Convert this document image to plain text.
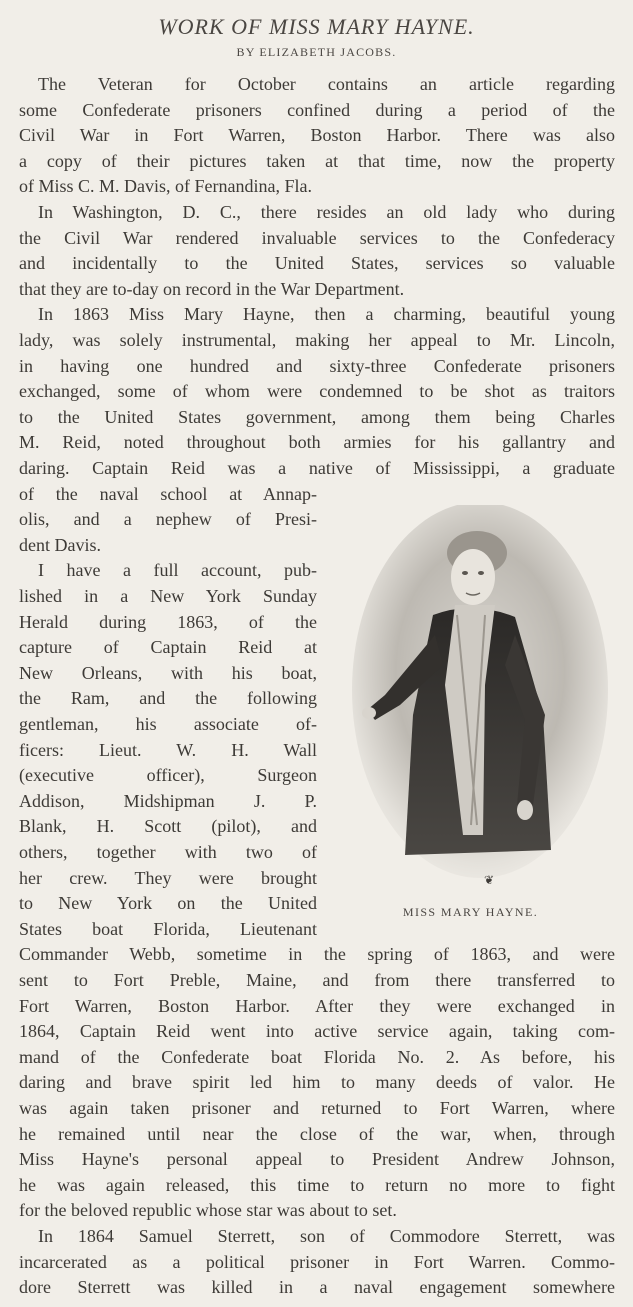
WORK OF MISS MARY HAYNE.
BY ELIZABETH JACOBS.
The Veteran for October contains an article regarding
some Confederate prisoners confined during a period of the
Civil War in Fort Warren, Boston Harbor. There was also
a copy of their pictures taken at that time, now the property
of Miss C. M. Davis, of Fernandina, Fla.
In Washington, D. C., there resides an old lady who during
the Civil War rendered invaluable services to the Confederacy
and incidentally to the United States, services so valuable
that they are to-day on record in the War Department.
In 1863 Miss Mary Hayne, then a charming, beautiful young
lady, was solely instrumental, making her appeal to Mr. Lincoln,
in having one hundred and sixty-three Confederate prisoners
exchanged, some of whom were condemned to be shot as traitors
to the United States government, among them being Charles
M. Reid, noted throughout both armies for his gallantry and
daring. Captain Reid was a native of Mississippi, a graduate
of the naval school at Annap-
olis, and a nephew of Presi-
dent Davis.
I have a full account, pub-
lished in a New York Sunday
Herald during 1863, of the
capture of Captain Reid at
New Orleans, with his boat,
the Ram, and the following
gentleman, his associate of-
ficers: Lieut. W. H. Wall
(executive officer), Surgeon
Addison, Midshipman J. P.
Blank, H. Scott (pilot), and
others, together with two of
her crew. They were brought
to New York on the United
States boat Florida, Lieutenant
Commander Webb, sometime in the spring of 1863, and were
sent to Fort Preble, Maine, and from there transferred to
Fort Warren, Boston Harbor. After they were exchanged in
1864, Captain Reid went into active service again, taking com-
mand of the Confederate boat Florida No. 2. As before, his
daring and brave spirit led him to many deeds of valor. He
was again taken prisoner and returned to Fort Warren, where
he remained until near the close of the war, when, through
Miss Hayne's personal appeal to President Andrew Johnson,
he was again released, this time to return no more to fight
for the beloved republic whose star was about to set.
In 1864 Samuel Sterrett, son of Commodore Sterrett, was
incarcerated as a political prisoner in Fort Warren. Commo-
dore Sterrett was killed in a naval engagement somewhere
❦
MISS MARY HAYNE.
